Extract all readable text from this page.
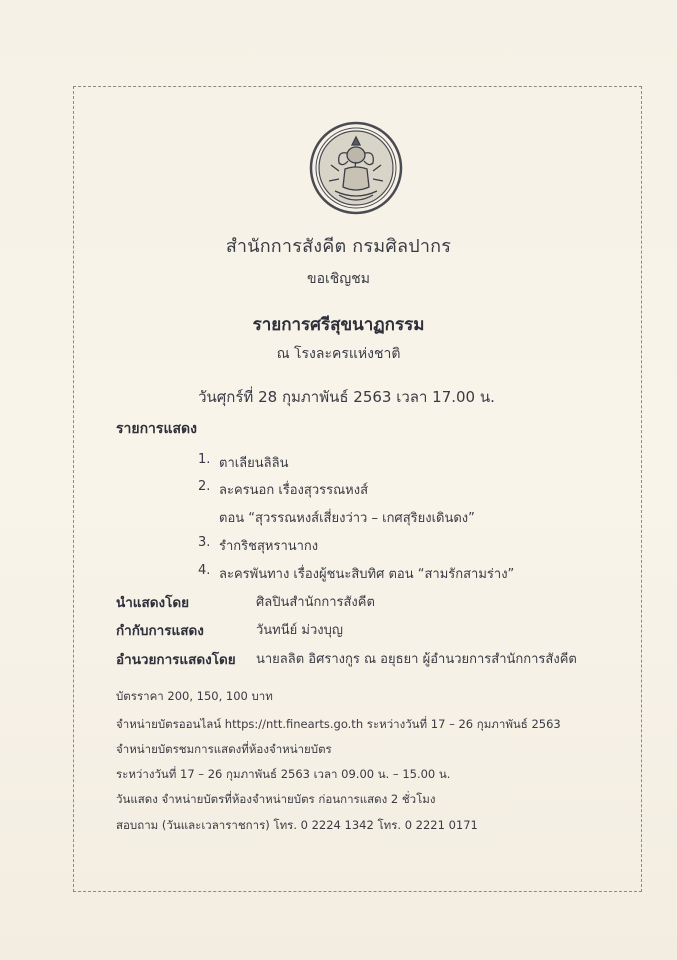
สำนักการสังคีต กรมศิลปากร
ขอเชิญชม
รายการศรีสุขนาฏกรรม
ณ โรงละครแห่งชาติ
วันศุกร์ที่ 28 กุมภาพันธ์ 2563 เวลา 17.00 น.
รายการแสดง
1. ตาเลียนลิลิน
2. ละครนอก เรื่องสุวรรณหงส์
ตอน “สุวรรณหงส์เสี่ยงว่าว – เกศสุริยงเดินดง”
3. รำกริชสุหรานากง
4. ละครพันทาง เรื่องผู้ชนะสิบทิศ ตอน “สามรักสามร่าง”
นำแสดงโดย	ศิลปินสำนักการสังคีต
กำกับการแสดง	วันทนีย์ ม่วงบุญ
อำนวยการแสดงโดย นายลลิต อิศรางกูร ณ อยุธยา ผู้อำนวยการสำนักการสังคีต
บัตรราคา 200, 150, 100 บาท
จำหน่ายบัตรออนไลน์ https://ntt.finearts.go.th ระหว่างวันที่ 17 – 26 กุมภาพันธ์ 2563
จำหน่ายบัตรชมการแสดงที่ห้องจำหน่ายบัตร
ระหว่างวันที่ 17 – 26 กุมภาพันธ์ 2563 เวลา 09.00 น. – 15.00 น.
วันแสดง จำหน่ายบัตรที่ห้องจำหน่ายบัตร ก่อนการแสดง 2 ชั่วโมง
สอบถาม (วันและเวลาราชการ) โทร. 0 2224 1342 โทร. 0 2221 0171
